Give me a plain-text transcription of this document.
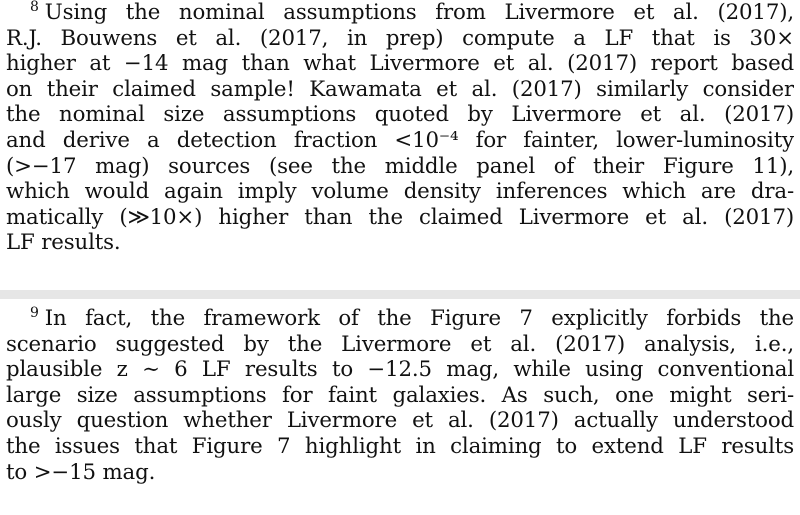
$^8$ Using the nominal assumptions from Livermore et al. (2017),
R.J. Bouwens et al. (2017, in prep) compute a LF that is 30×
higher at −14 mag than what Livermore et al. (2017) report based
on their claimed sample! Kawamata et al. (2017) similarly consider
the nominal size assumptions quoted by Livermore et al. (2017)
and derive a detection fraction <10⁻⁴ for fainter, lower-luminosity
(>−17 mag) sources (see the middle panel of their Figure 11),
which would again imply volume density inferences which are dra-
matically (≫10×) higher than the claimed Livermore et al. (2017)
LF results.
$^9$ In fact, the framework of the Figure 7 explicitly forbids the
scenario suggested by the Livermore et al. (2017) analysis, i.e.,
plausible z ∼ 6 LF results to −12.5 mag, while using conventional
large size assumptions for faint galaxies. As such, one might seri-
ously question whether Livermore et al. (2017) actually understood
the issues that Figure 7 highlight in claiming to extend LF results
to >−15 mag.
